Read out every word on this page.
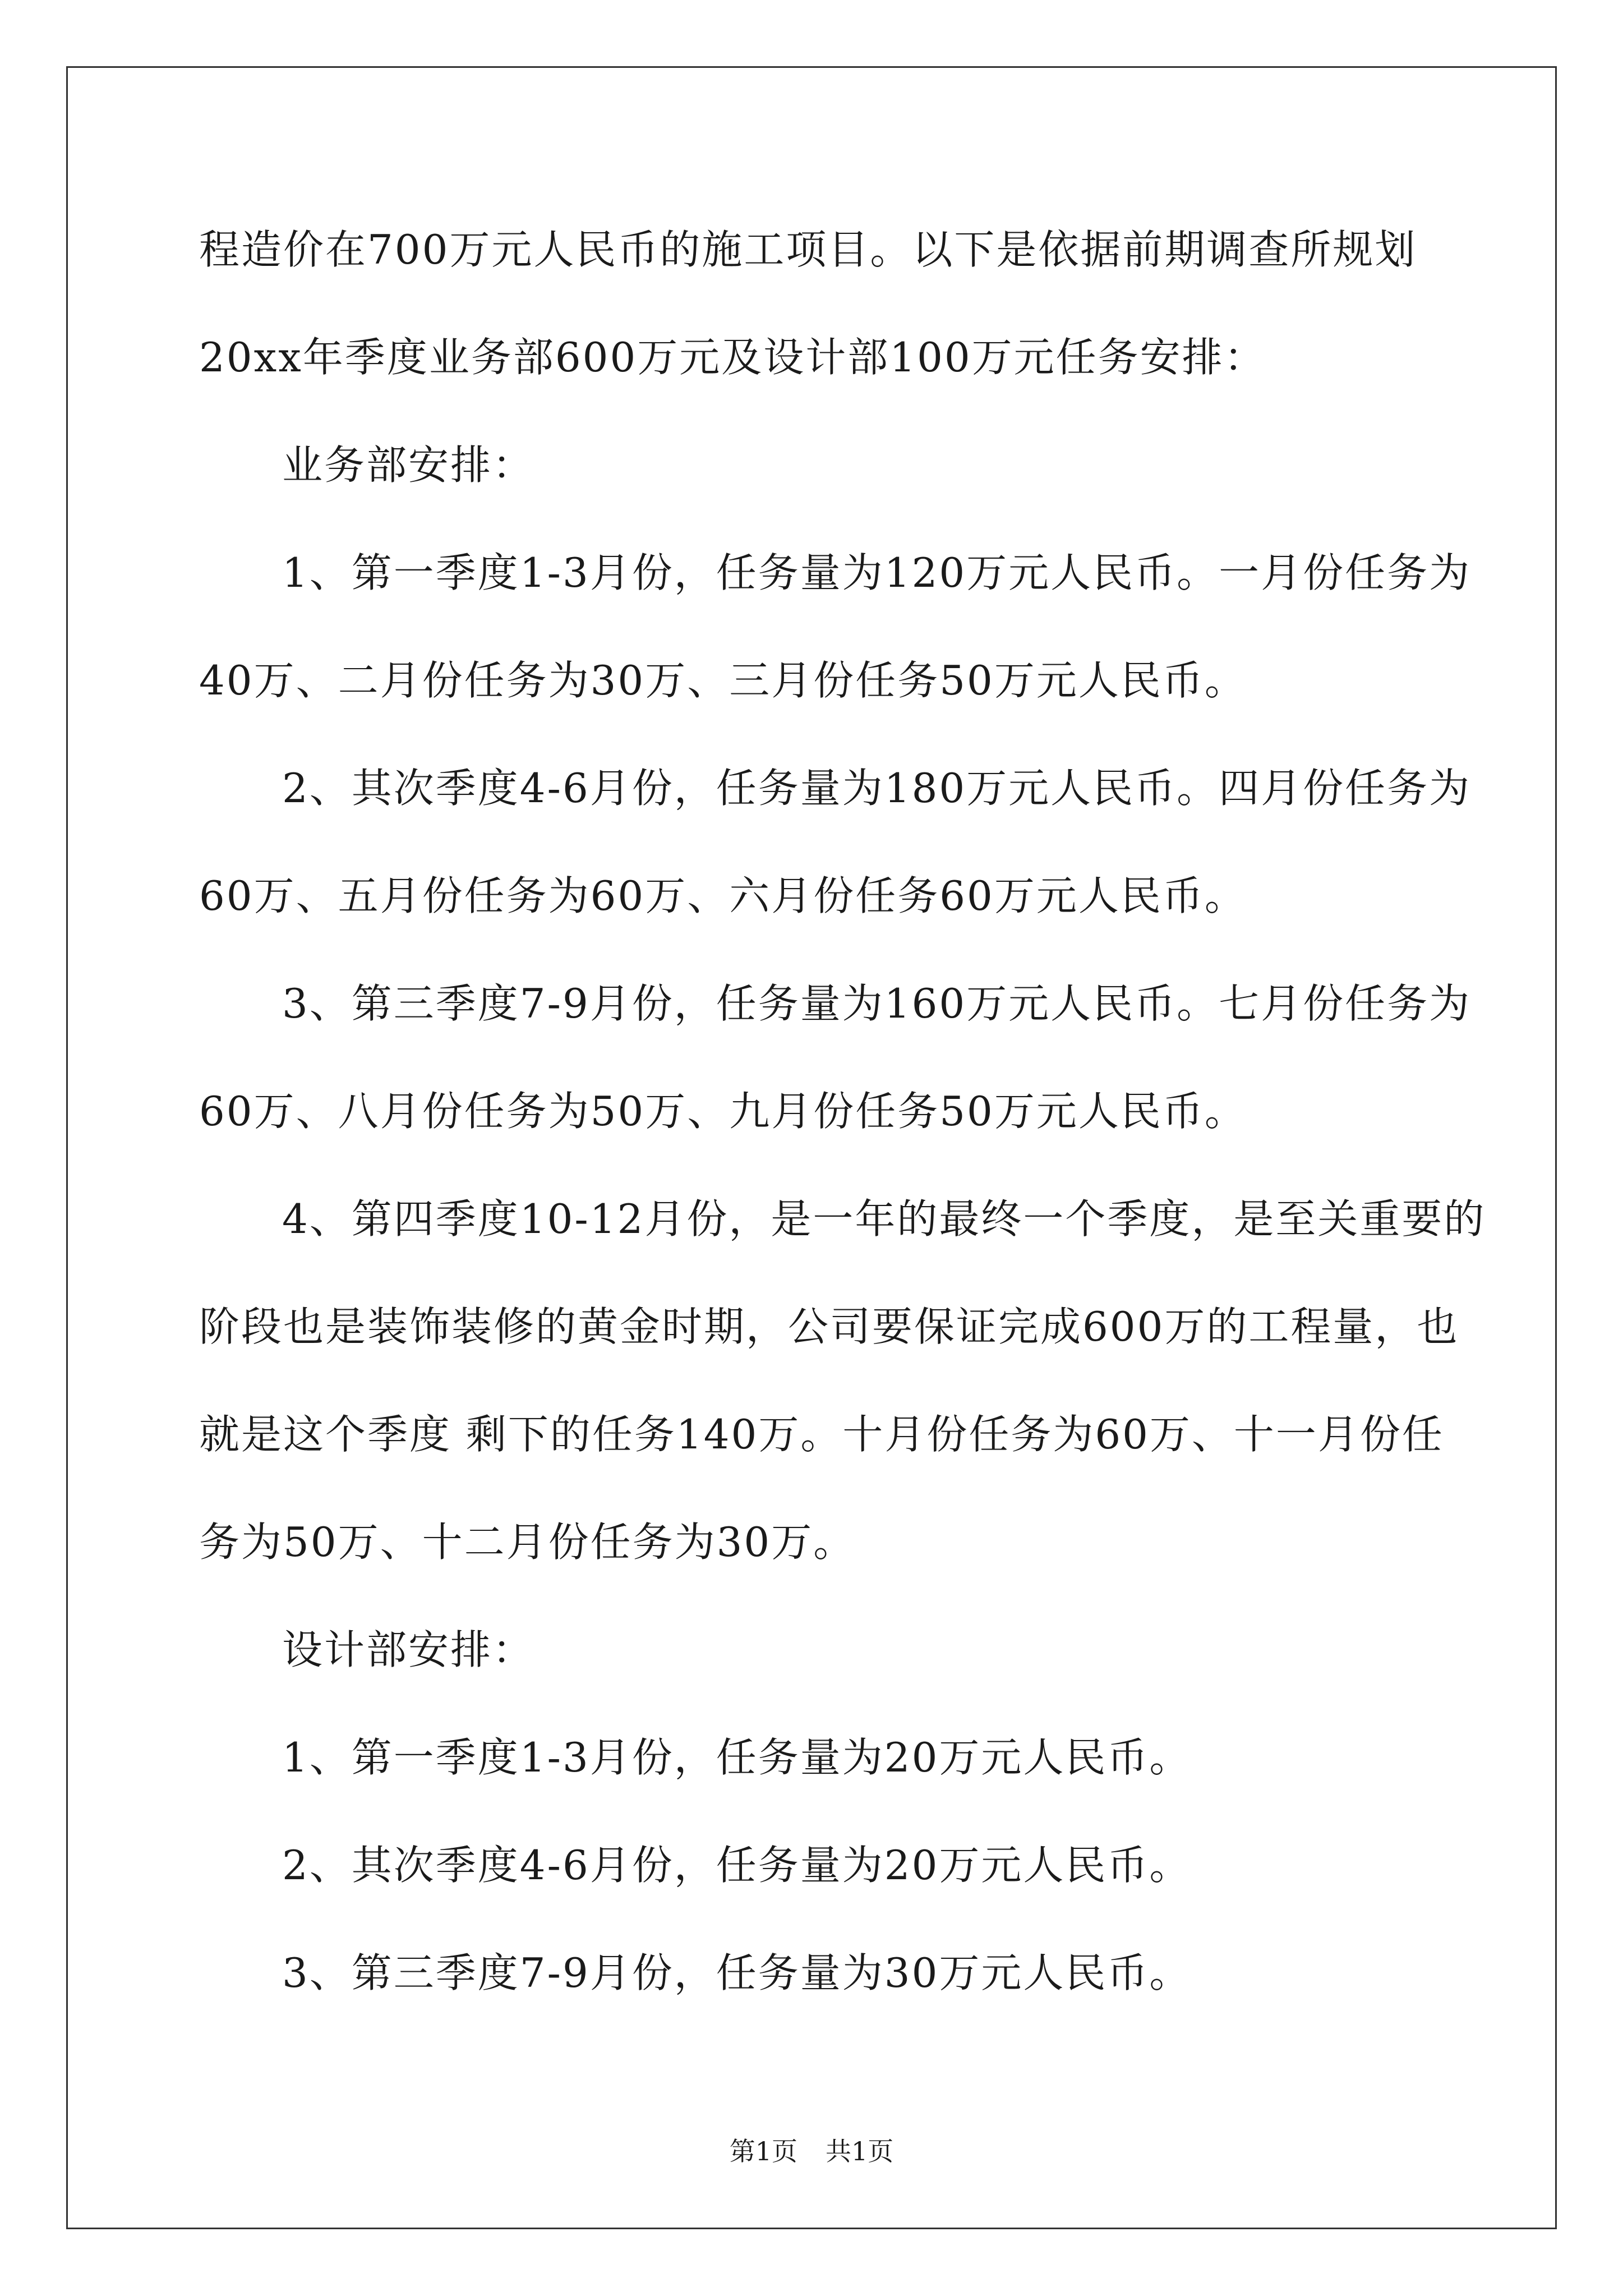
程造价在700万元人民币的施工项目。以下是依据前期调查所规划
20xx年季度业务部600万元及设计部100万元任务安排：
业务部安排：
1、第一季度1-3月份，任务量为120万元人民币。一月份任务为
40万、二月份任务为30万、三月份任务50万元人民币。
2、其次季度4-6月份，任务量为180万元人民币。四月份任务为
60万、五月份任务为60万、六月份任务60万元人民币。
3、第三季度7-9月份，任务量为160万元人民币。七月份任务为
60万、八月份任务为50万、九月份任务50万元人民币。
4、第四季度10-12月份，是一年的最终一个季度，是至关重要的
阶段也是装饰装修的黄金时期，公司要保证完成600万的工程量，也
就是这个季度 剩下的任务140万。十月份任务为60万、十一月份任
务为50万、十二月份任务为30万。
设计部安排：
1、第一季度1-3月份，任务量为20万元人民币。
2、其次季度4-6月份，任务量为20万元人民币。
3、第三季度7-9月份，任务量为30万元人民币。
第1页 共1页
